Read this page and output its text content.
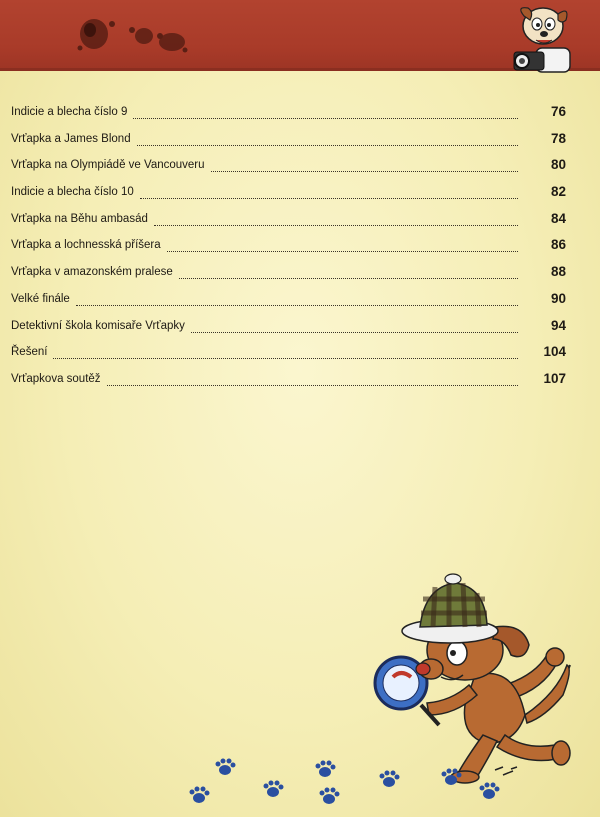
Indicie a blecha číslo 9	76
Vrťapka a James Blond	78
Vrťapka na Olympiádě ve Vancouveru	80
Indicie a blecha číslo 10	82
Vrťapka na Běhu ambasád	84
Vrťapka a lochnesská příšera	86
Vrťapka v amazonském pralese	88
Velké finále	90
Detektivní škola komisaře Vrťapky	94
Řešení	104
Vrťapkova soutěž	107
